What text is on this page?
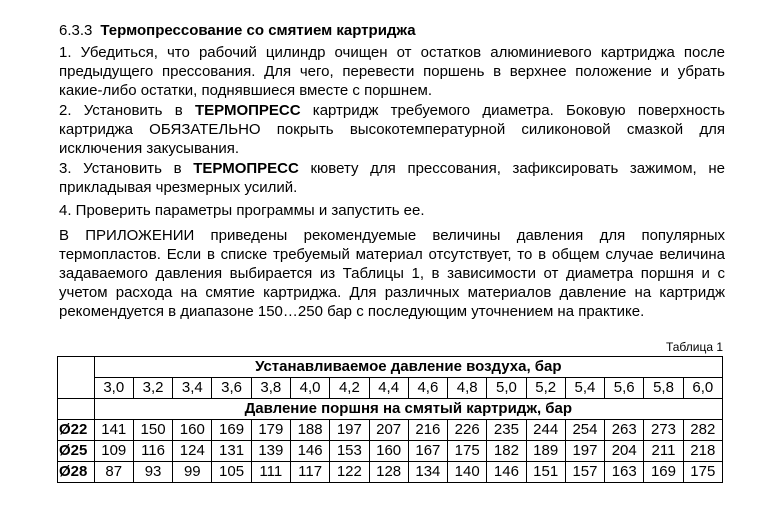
6.3.3 Термопрессование со смятием картриджа

1. Убедиться, что рабочий цилиндр очищен от остатков алюминиевого картриджа после предыдущего прессования. Для чего, перевести поршень в верхнее положение и убрать какие-либо остатки, поднявшиеся вместе с поршнем.

2. Установить в ТЕРМОПРЕСС картридж требуемого диаметра. Боковую поверхность картриджа ОБЯЗАТЕЛЬНО покрыть высокотемпературной силиконовой смазкой для исключения закусывания.

3. Установить в ТЕРМОПРЕСС кювету для прессования, зафиксировать зажимом, не прикладывая чрезмерных усилий.

4. Проверить параметры программы и запустить ее.

В ПРИЛОЖЕНИИ приведены рекомендуемые величины давления для популярных термопластов. Если в списке требуемый материал отсутствует, то в общем случае величина задаваемого давления выбирается из Таблицы 1, в зависимости от диаметра поршня и с учетом расхода на смятие картриджа. Для различных материалов давление на картридж рекомендуется в диапазоне 150…250 бар с последующим уточнением на практике.

Таблица 1
	Устанавливаемое давление воздуха, бар															
	3,0	3,2	3,4	3,6	3,8	4,0	4,2	4,4	4,6	4,8	5,0	5,2	5,4	5,6	5,8	6,0
	Давление поршня на смятый картридж, бар															
Ø22	141	150	160	169	179	188	197	207	216	226	235	244	254	263	273	282
Ø25	109	116	124	131	139	146	153	160	167	175	182	189	197	204	211	218
Ø28	87	93	99	105	111	117	122	128	134	140	146	151	157	163	169	175
